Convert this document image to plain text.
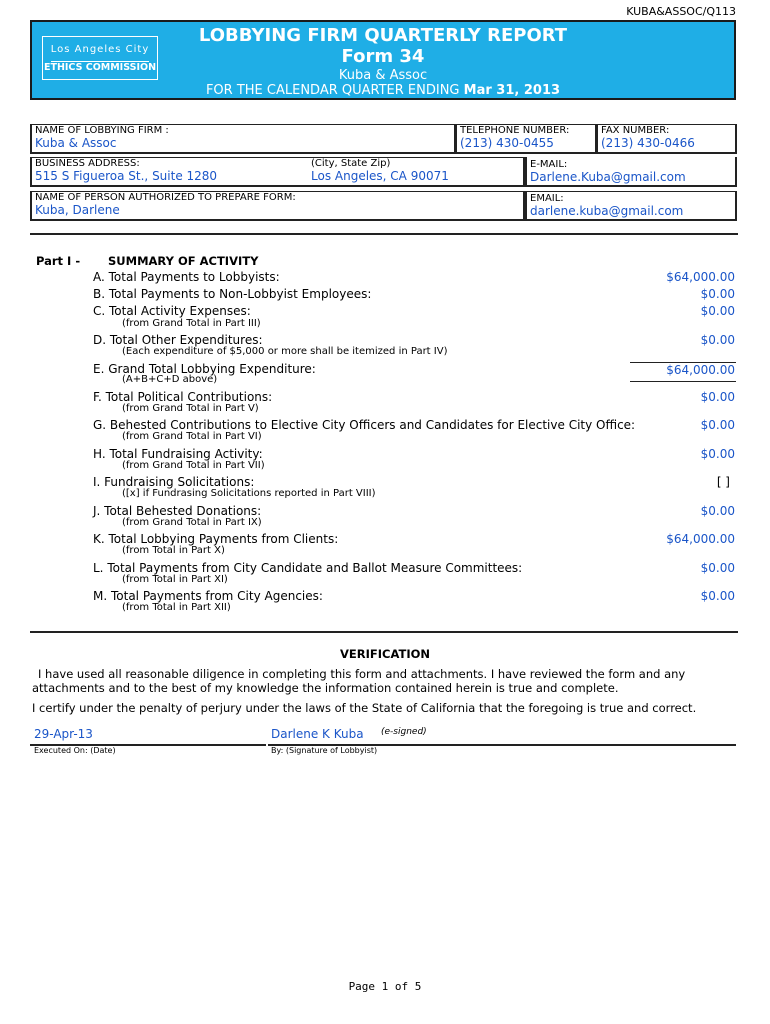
KUBA&ASSOC/Q113
Los Angeles City
ETHICS COMMISSION
LOBBYING FIRM QUARTERLY REPORT
Form 34
Kuba & Assoc
FOR THE CALENDAR QUARTER ENDING Mar 31, 2013
NAME OF LOBBYING FIRM :
Kuba & Assoc
TELEPHONE NUMBER:
(213) 430-0455
FAX NUMBER:
(213) 430-0466
BUSINESS ADDRESS:
515 S Figueroa St., Suite 1280
(City, State Zip)
Los Angeles, CA 90071
E-MAIL:
Darlene.Kuba@gmail.com
NAME OF PERSON AUTHORIZED TO PREPARE FORM:
Kuba, Darlene
EMAIL:
darlene.kuba@gmail.com
Part I - SUMMARY OF ACTIVITY
A. Total Payments to Lobbyists:	$64,000.00
B. Total Payments to Non-Lobbyist Employees:	$0.00
C. Total Activity Expenses:
(from Grand Total in Part III)
$0.00
D. Total Other Expenditures:
(Each expenditure of $5,000 or more shall be itemized in Part IV)
$0.00
E. Grand Total Lobbying Expenditure:
(A+B+C+D above)
$64,000.00
F. Total Political Contributions:
(from Grand Total in Part V)
$0.00
G. Behested Contributions to Elective City Officers and Candidates for Elective City Office:
(from Grand Total in Part VI)
$0.00
H. Total Fundraising Activity:
(from Grand Total in Part VII)
$0.00
I. Fundraising Solicitations:
([x] if Fundrasing Solicitations reported in Part VIII)
[ ]
J. Total Behested Donations:
(from Grand Total in Part IX)
$0.00
K. Total Lobbying Payments from Clients:
(from Total in Part X)
$64,000.00
L. Total Payments from City Candidate and Ballot Measure Committees:
(from Total in Part XI)
$0.00
M. Total Payments from City Agencies:
(from Total in Part XII)
$0.00
VERIFICATION
I have used all reasonable diligence in completing this form and attachments. I have reviewed the form and any attachments and to the best of my knowledge the information contained herein is true and complete.
I certify under the penalty of perjury under the laws of the State of California that the foregoing is true and correct.
29-Apr-13
Executed On: (Date)
Darlene K Kuba (e-signed)
By: (Signature of Lobbyist)
Page 1 of 5
